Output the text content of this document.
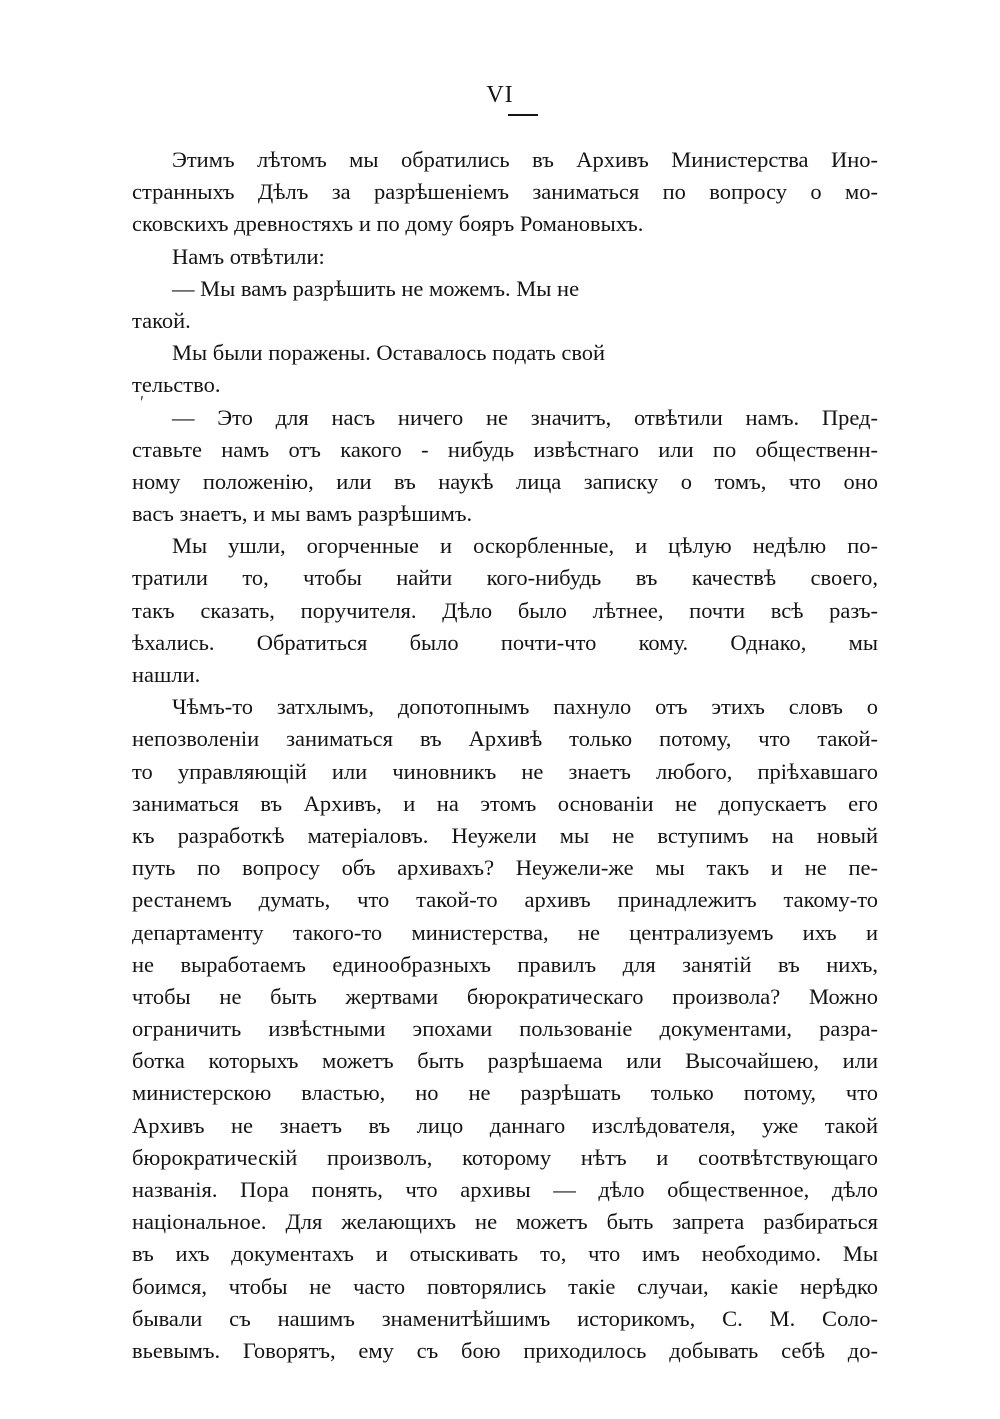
VI
ʹ
Этимъ лѣтомъ мы обратились въ Архивъ Министерства Ино-
странныхъ Дѣлъ за разрѣшеніемъ заниматься по вопросу о мо-
сковскихъ древностяхъ и по дому бояръ Романовыхъ.
Намъ отвѣтили:
— Мы вамъ разрѣшить не можемъ. Мы не
такой.
Мы были поражены. Оставалось подать свой
тельство.
— Это для насъ ничего не значитъ, отвѣтили намъ. Пред-
ставьте намъ отъ какого - нибудь извѣстнаго или по общественн-
ному положенію, или въ наукѣ лица записку о томъ, что оно
васъ знаетъ, и мы вамъ разрѣшимъ.
Мы ушли, огорченные и оскорбленные, и цѣлую недѣлю по-
тратили то, чтобы найти кого-нибудь въ качествѣ своего,
такъ сказать, поручителя. Дѣло было лѣтнее, почти всѣ разъ-
ѣхались. Обратиться было почти-что кому. Однако, мы
нашли.
Чѣмъ-то затхлымъ, допотопнымъ пахнуло отъ этихъ словъ о
непозволеніи заниматься въ Архивѣ только потому, что такой-
то управляющій или чиновникъ не знаетъ любого, пріѣхавшаго
заниматься въ Архивъ, и на этомъ основаніи не допускаетъ его
къ разработкѣ матеріаловъ. Неужели мы не вступимъ на новый
путь по вопросу объ архивахъ? Неужели-же мы такъ и не пе-
рестанемъ думать, что такой-то архивъ принадлежитъ такому-то
департаменту такого-то министерства, не централизуемъ ихъ и
не выработаемъ единообразныхъ правилъ для занятій въ нихъ,
чтобы не быть жертвами бюрократическаго произвола? Можно
ограничить извѣстными эпохами пользованіе документами, разра-
ботка которыхъ можетъ быть разрѣшаема или Высочайшею, или
министерскою властью, но не разрѣшать только потому, что
Архивъ не знаетъ въ лицо даннаго изслѣдователя, уже такой
бюрократическій произволъ, которому нѣтъ и соотвѣтствующаго
названія. Пора понять, что архивы — дѣло общественное, дѣло
національное. Для желающихъ не можетъ быть запрета разбираться
въ ихъ документахъ и отыскивать то, что имъ необходимо. Мы
боимся, чтобы не часто повторялись такіе случаи, какіе нерѣдко
бывали съ нашимъ знаменитѣйшимъ историкомъ, С. М. Соло-
вьевымъ. Говорятъ, ему съ бою приходилось добывать себѣ до-
